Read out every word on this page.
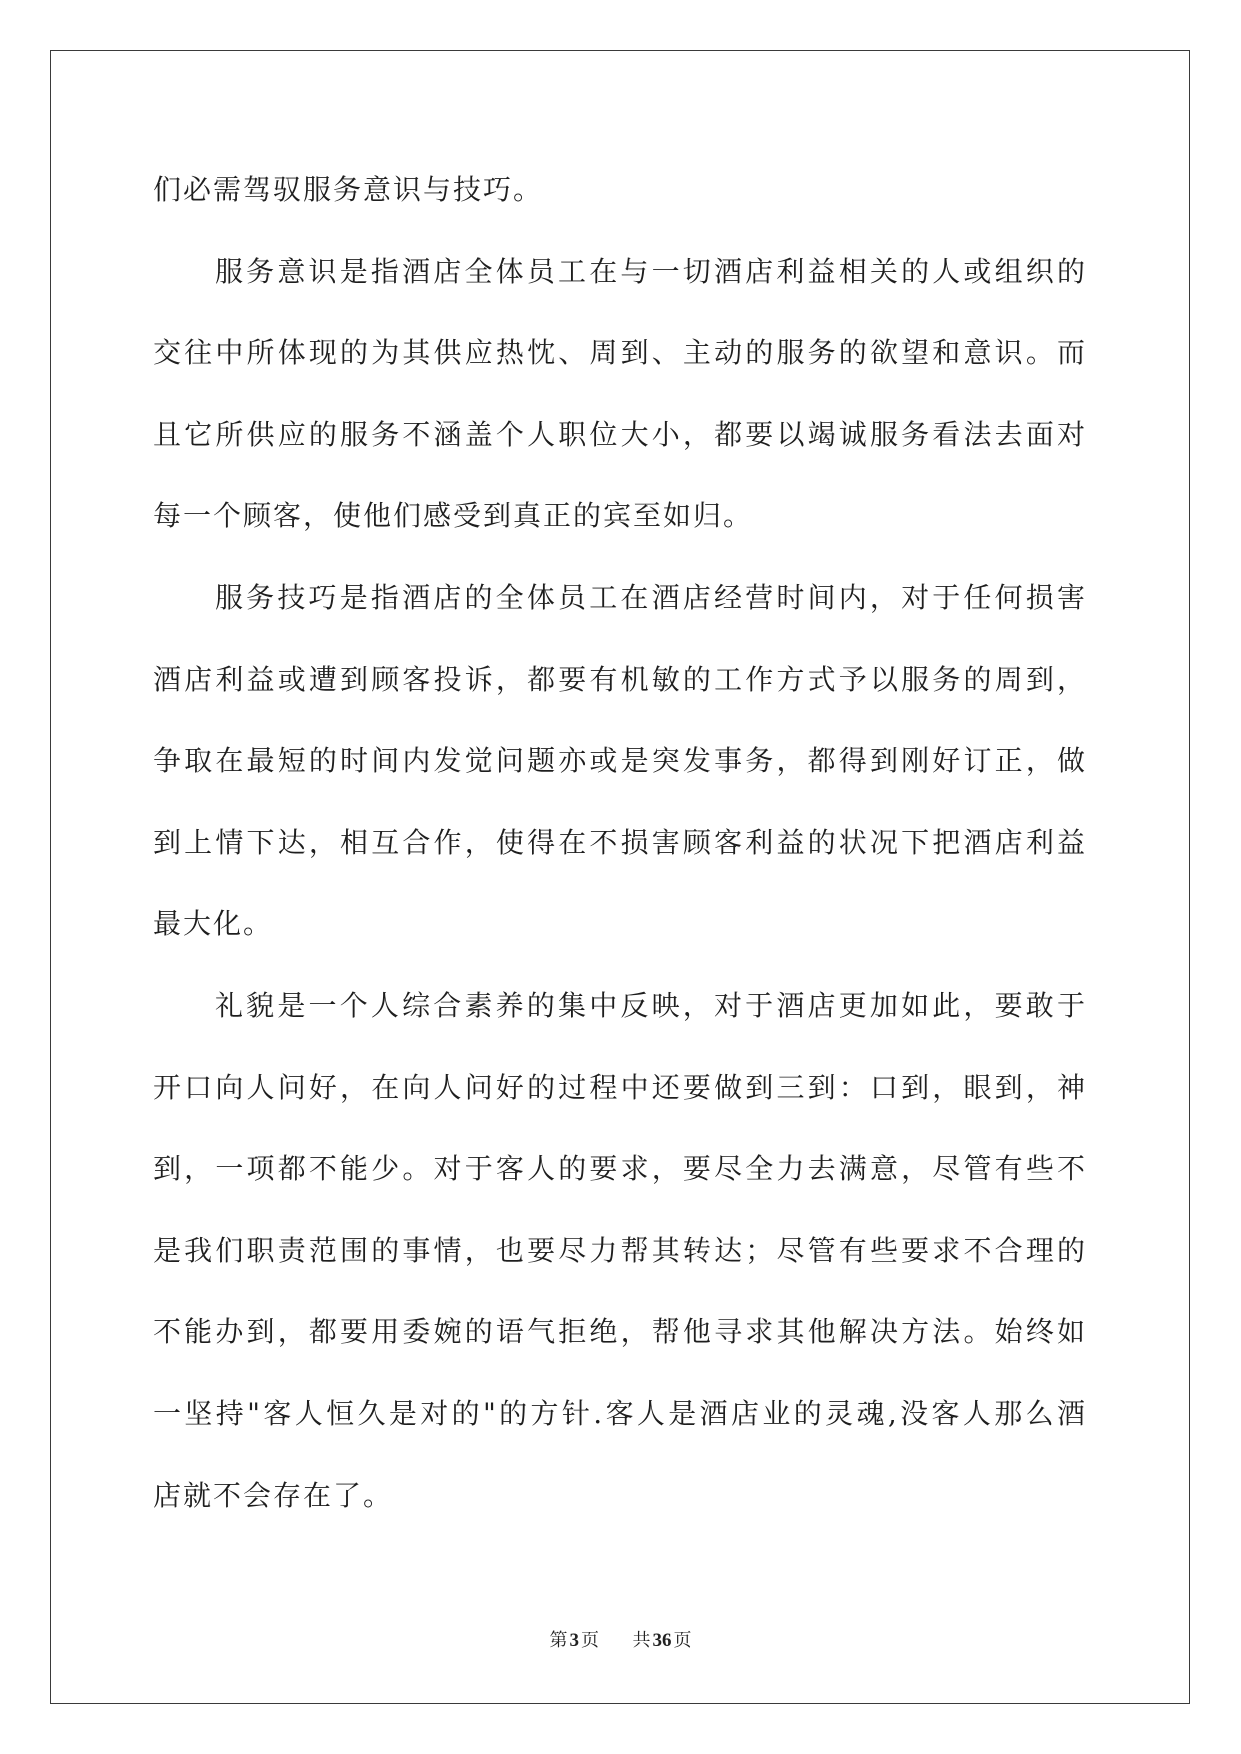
们必需驾驭服务意识与技巧。
服务意识是指酒店全体员工在与一切酒店利益相关的人或组织的
交往中所体现的为其供应热忱、周到、主动的服务的欲望和意识。而
且它所供应的服务不涵盖个人职位大小，都要以竭诚服务看法去面对
每一个顾客，使他们感受到真正的宾至如归。
服务技巧是指酒店的全体员工在酒店经营时间内，对于任何损害
酒店利益或遭到顾客投诉，都要有机敏的工作方式予以服务的周到，
争取在最短的时间内发觉问题亦或是突发事务，都得到刚好订正，做
到上情下达，相互合作，使得在不损害顾客利益的状况下把酒店利益
最大化。
礼貌是一个人综合素养的集中反映，对于酒店更加如此，要敢于
开口向人问好，在向人问好的过程中还要做到三到：口到，眼到，神
到，一项都不能少。对于客人的要求，要尽全力去满意，尽管有些不
是我们职责范围的事情，也要尽力帮其转达；尽管有些要求不合理的
不能办到，都要用委婉的语气拒绝，帮他寻求其他解决方法。始终如
一坚持"客人恒久是对的"的方针.客人是酒店业的灵魂,没客人那么酒
店就不会存在了。
第 3 页 共 36 页
